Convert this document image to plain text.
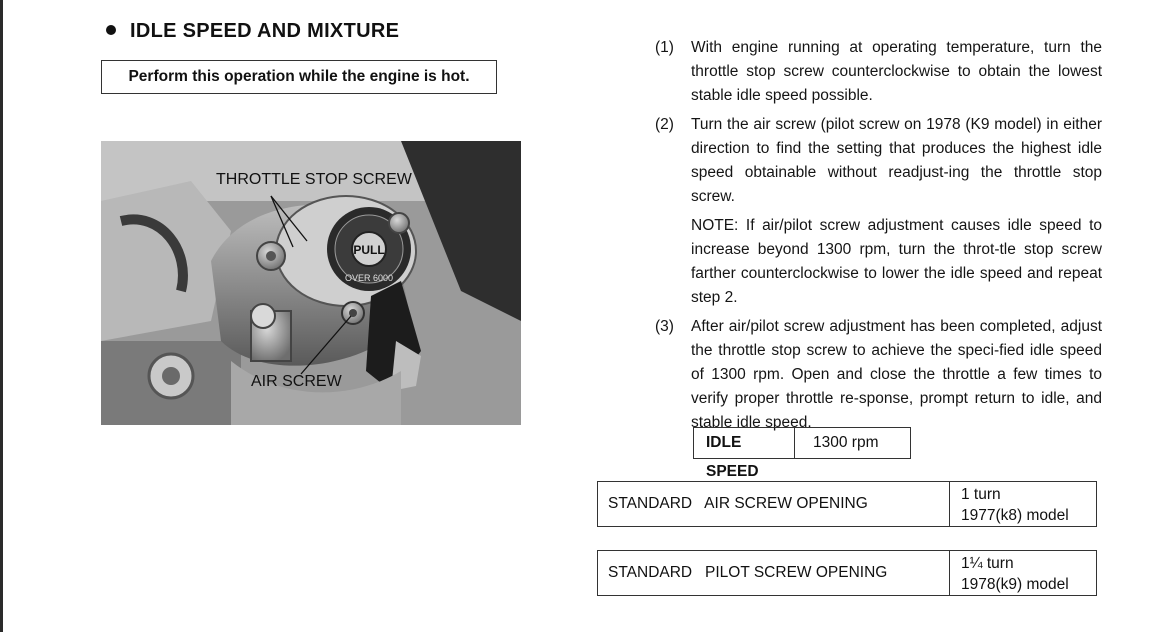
IDLE SPEED AND MIXTURE
Perform this operation while the engine is hot.
PULL
OVER 6000
THROTTLE STOP SCREW
AIR SCREW
(1)	With engine running at operating temperature, turn the throttle stop screw counterclockwise to obtain the lowest stable idle speed possible.
(2)	Turn the air screw (pilot screw on 1978 (K9 model) in either direction to find the setting that produces the highest idle speed obtainable without readjust-ing the throttle stop screw.
NOTE: If air/pilot screw adjustment causes idle speed to increase beyond 1300 rpm, turn the throt-tle stop screw farther counterclockwise to lower the idle speed and repeat step 2.
(3)	After air/pilot screw adjustment has been completed, adjust the throttle stop screw to achieve the speci-fied idle speed of 1300 rpm. Open and close the throttle a few times to verify proper throttle re-sponse, prompt return to idle, and stable idle speed.
IDLE SPEED
1300 rpm
STANDARD   AIR SCREW OPENING
1 turn
1977(k8) model
STANDARD   PILOT SCREW OPENING
1¼ turn
1978(k9) model
